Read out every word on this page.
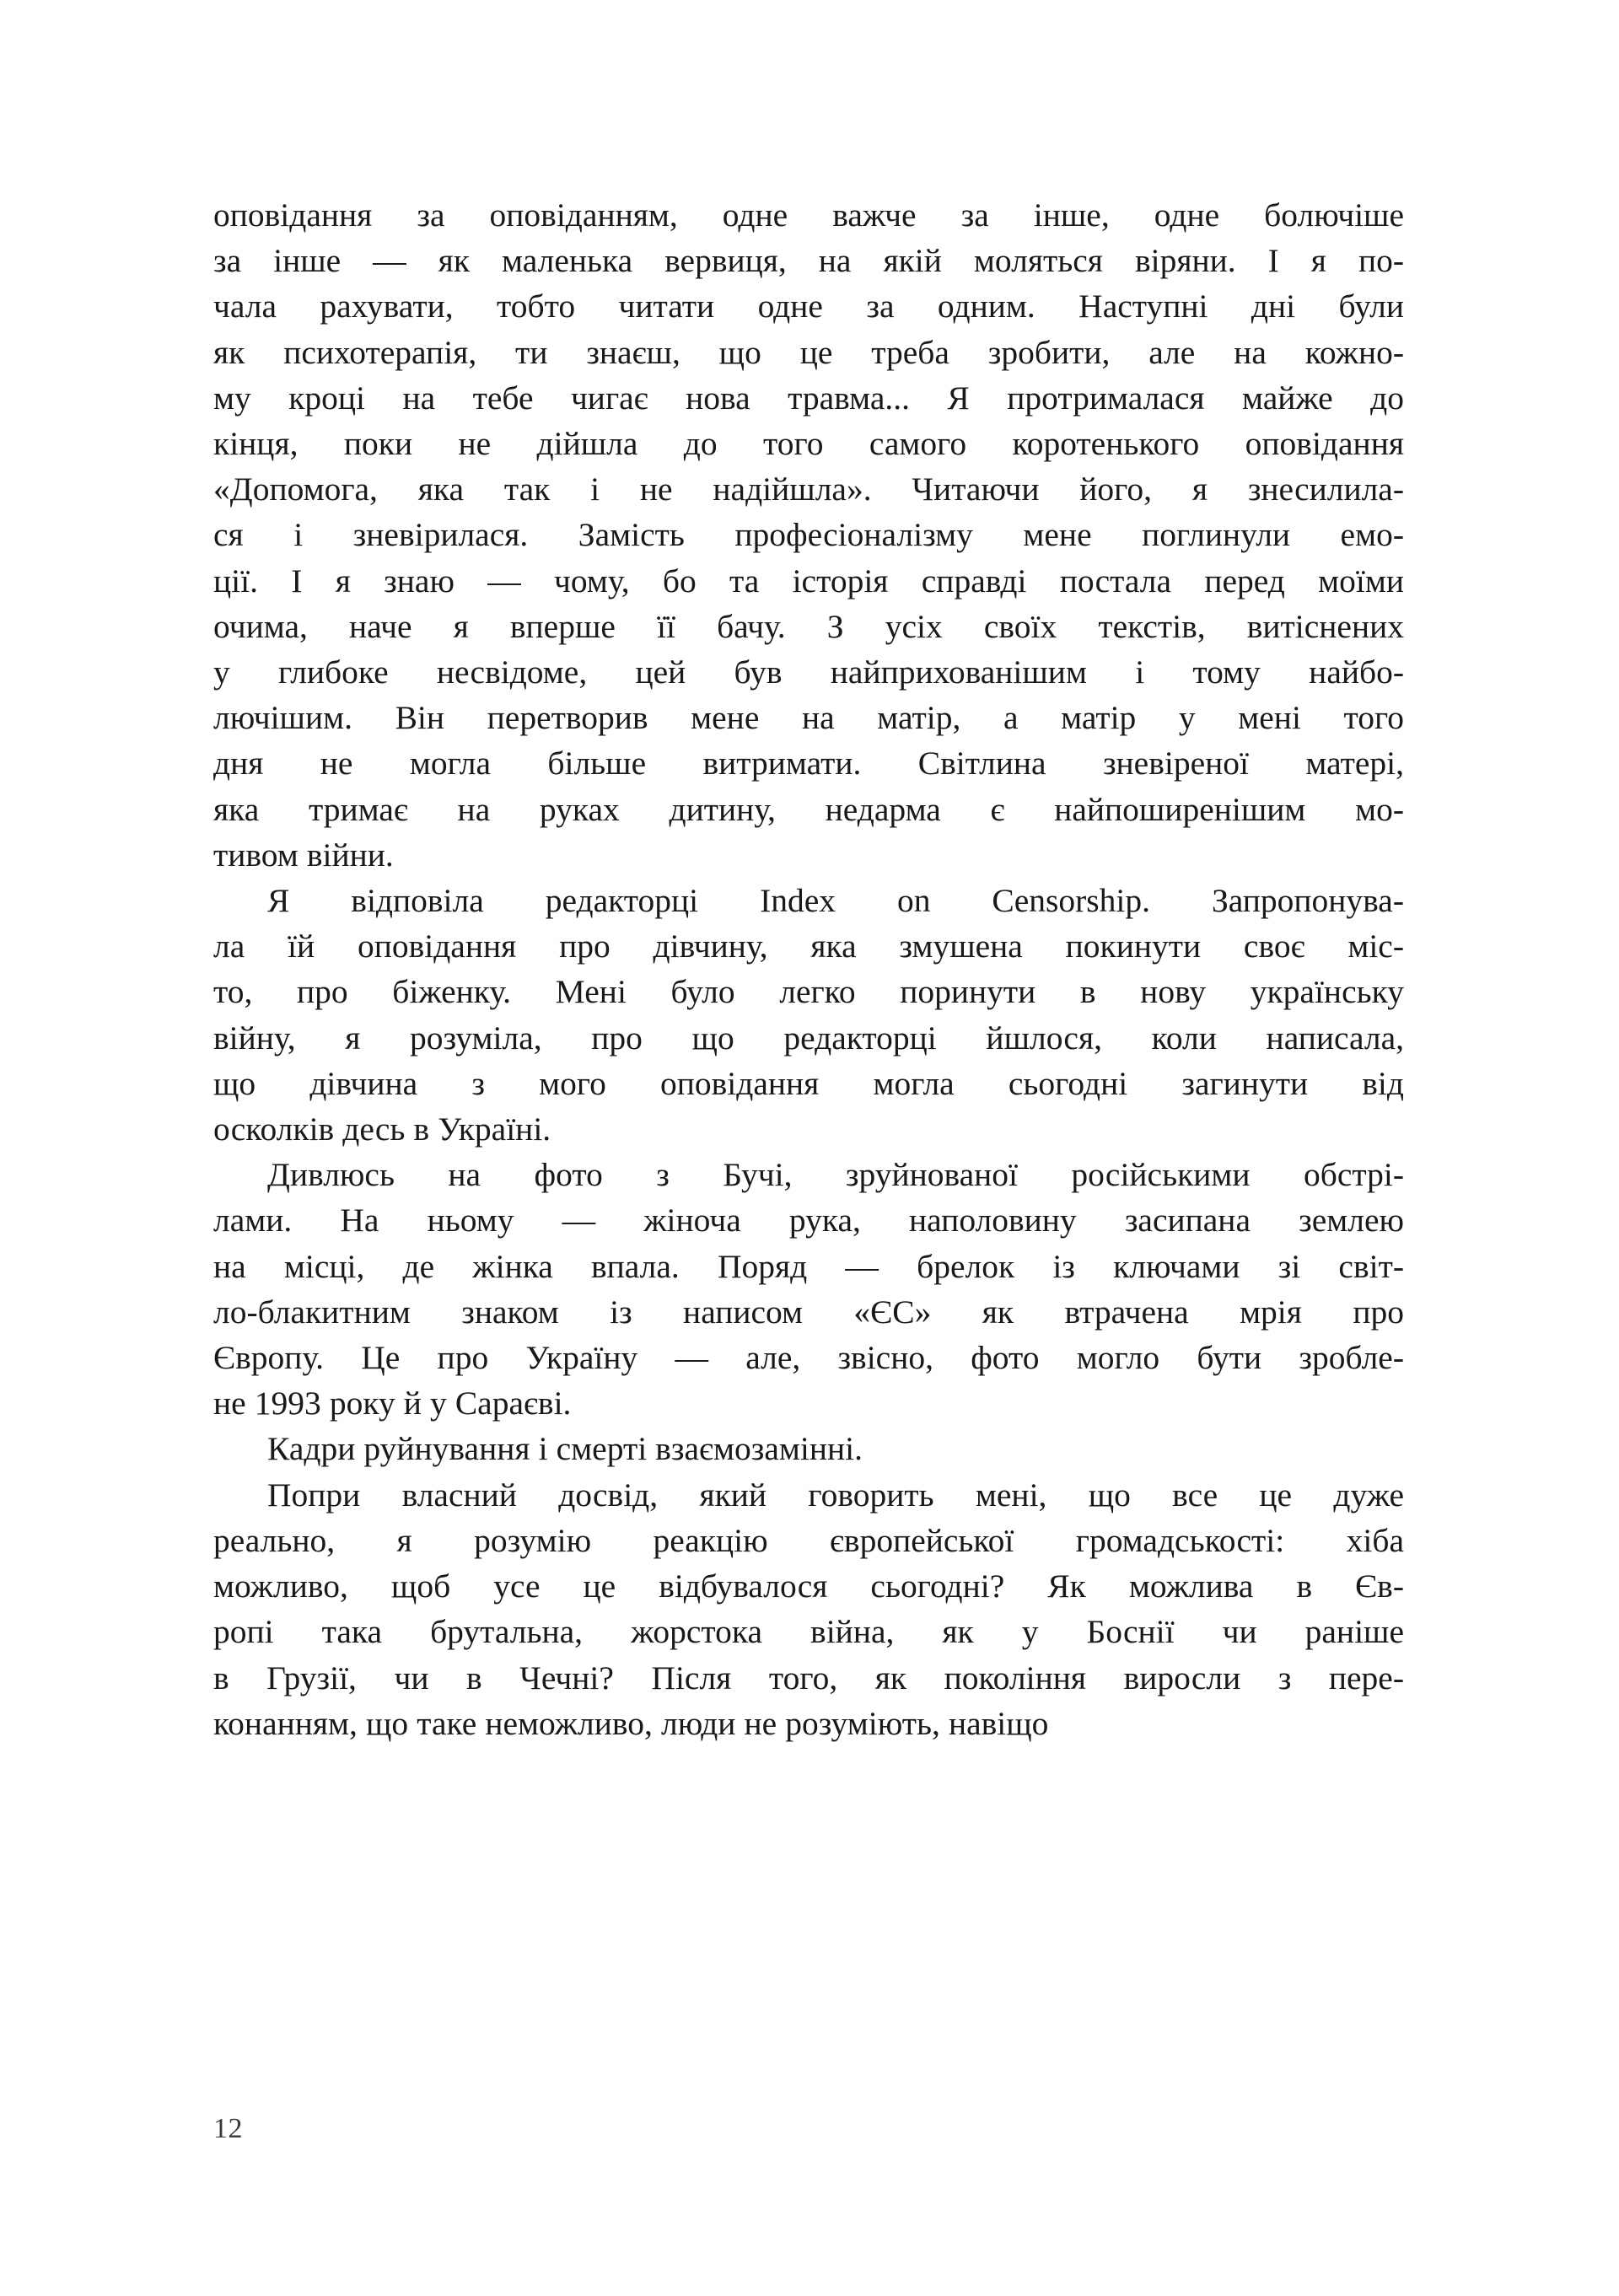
оповідання за оповіданням, одне важче за інше, одне болючіше
за інше — як маленька вервиця, на якій моляться віряни. І я по-
чала рахувати, тобто читати одне за одним. Наступні дні були
як психотерапія, ти знаєш, що це треба зробити, але на кожно-
му кроці на тебе чигає нова травма... Я протрималася майже до
кінця, поки не дійшла до того самого коротенького оповідання
«Допомога, яка так і не надійшла». Читаючи його, я знесилила-
ся і зневірилася. Замість професіоналізму мене поглинули емо-
ції. І я знаю — чому, бо та історія справді постала перед моїми
очима, наче я вперше її бачу. З усіх своїх текстів, витіснених
у глибоке несвідоме, цей був найприхованішим і тому найбо-
лючішим. Він перетворив мене на матір, а матір у мені того
дня не могла більше витримати. Світлина зневіреної матері,
яка тримає на руках дитину, недарма є найпоширенішим мо-
тивом війни.
Я відповіла редакторці Index on Censorship. Запропонува-
ла їй оповідання про дівчину, яка змушена покинути своє міс-
то, про біженку. Мені було легко поринути в нову українську
війну, я розуміла, про що редакторці йшлося, коли написала,
що дівчина з мого оповідання могла сьогодні загинути від
осколків десь в Україні.
Дивлюсь на фото з Бучі, зруйнованої російськими обстрі-
лами. На ньому — жіноча рука, наполовину засипана землею
на місці, де жінка впала. Поряд — брелок із ключами зі світ-
ло-блакитним знаком із написом «ЄС» як втрачена мрія про
Європу. Це про Україну — але, звісно, фото могло бути зробле-
не 1993 року й у Сараєві.
Кадри руйнування і смерті взаємозамінні.
Попри власний досвід, який говорить мені, що все це дуже
реально, я розумію реакцію європейської громадськості: хіба
можливо, щоб усе це відбувалося сьогодні? Як можлива в Єв-
ропі така брутальна, жорстока війна, як у Боснії чи раніше
в Грузії, чи в Чечні? Після того, як покоління виросли з пере-
конанням, що таке неможливо, люди не розуміють, навіщо
12
